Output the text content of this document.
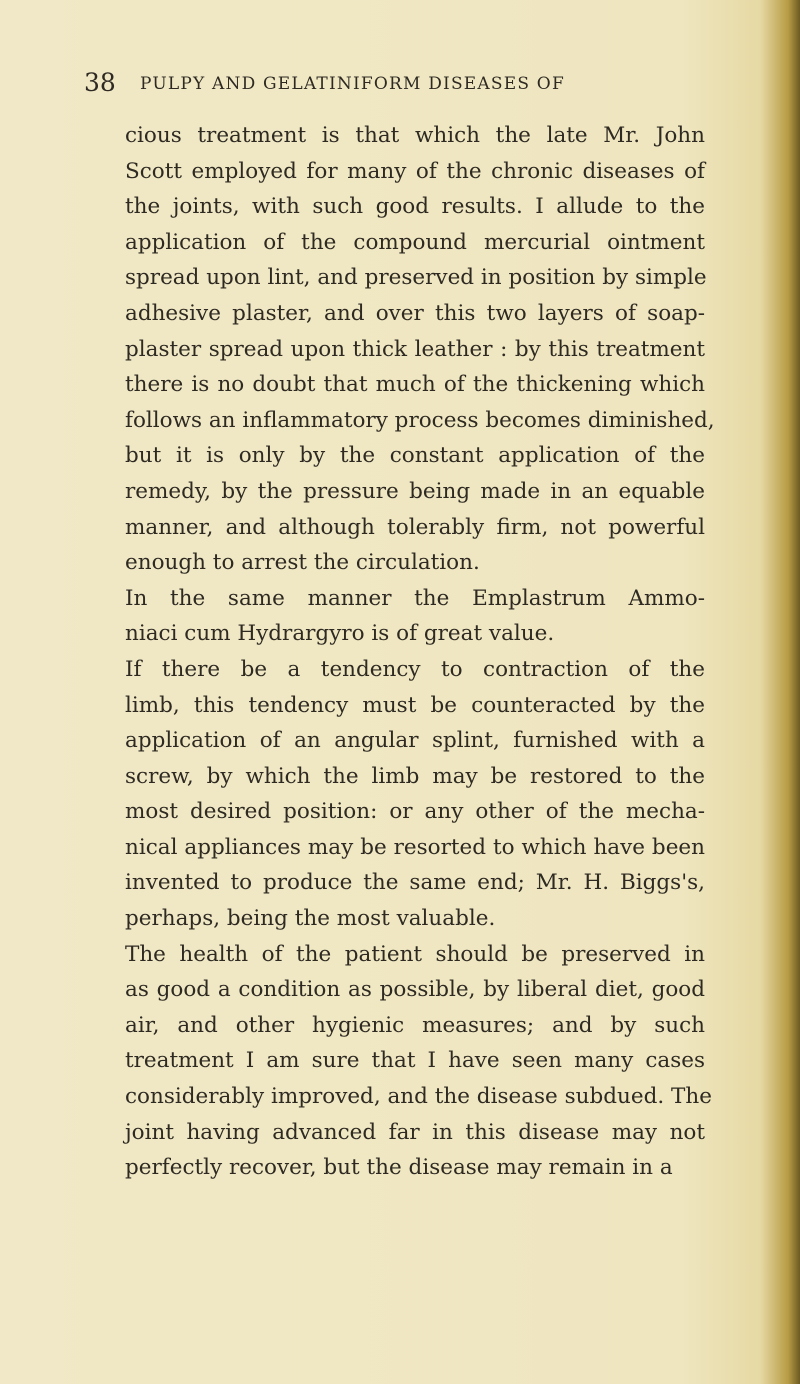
38 PULPY AND GELATINIFORM DISEASES OF
cious treatment is that which the late Mr. John
Scott employed for many of the chronic diseases of
the joints, with such good results. I allude to the
application of the compound mercurial ointment
spread upon lint, and preserved in position by simple
adhesive plaster, and over this two layers of soap-
plaster spread upon thick leather : by this treatment
there is no doubt that much of the thickening which
follows an inflammatory process becomes diminished,
but it is only by the constant application of the
remedy, by the pressure being made in an equable
manner, and although tolerably firm, not powerful
enough to arrest the circulation.
In the same manner the Emplastrum Ammo-
niaci cum Hydrargyro is of great value.
If there be a tendency to contraction of the
limb, this tendency must be counteracted by the
application of an angular splint, furnished with a
screw, by which the limb may be restored to the
most desired position: or any other of the mecha-
nical appliances may be resorted to which have been
invented to produce the same end; Mr. H. Biggs's,
perhaps, being the most valuable.
The health of the patient should be preserved in
as good a condition as possible, by liberal diet, good
air, and other hygienic measures; and by such
treatment I am sure that I have seen many cases
considerably improved, and the disease subdued. The
joint having advanced far in this disease may not
perfectly recover, but the disease may remain in a
